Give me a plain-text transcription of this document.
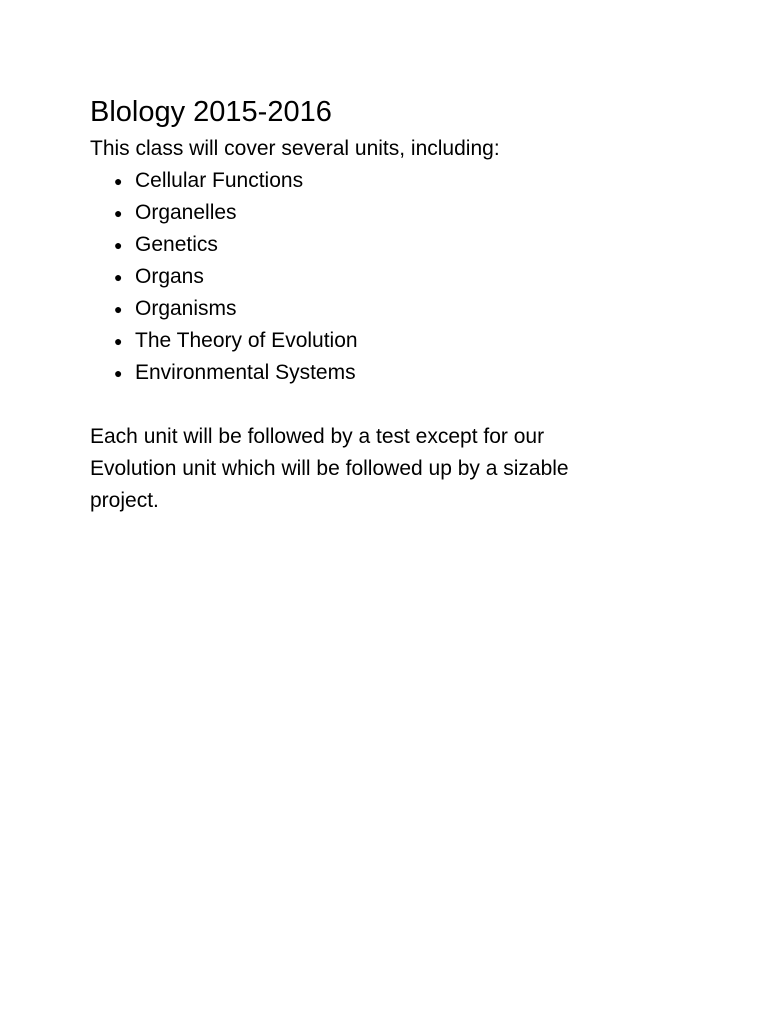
Blology 2015-2016

This class will cover several units, including:

● Cellular Functions
● Organelles
● Genetics
● Organs
● Organisms
● The Theory of Evolution
● Environmental Systems

Each unit will be followed by a test except for our Evolution unit which will be followed up by a sizable project.
